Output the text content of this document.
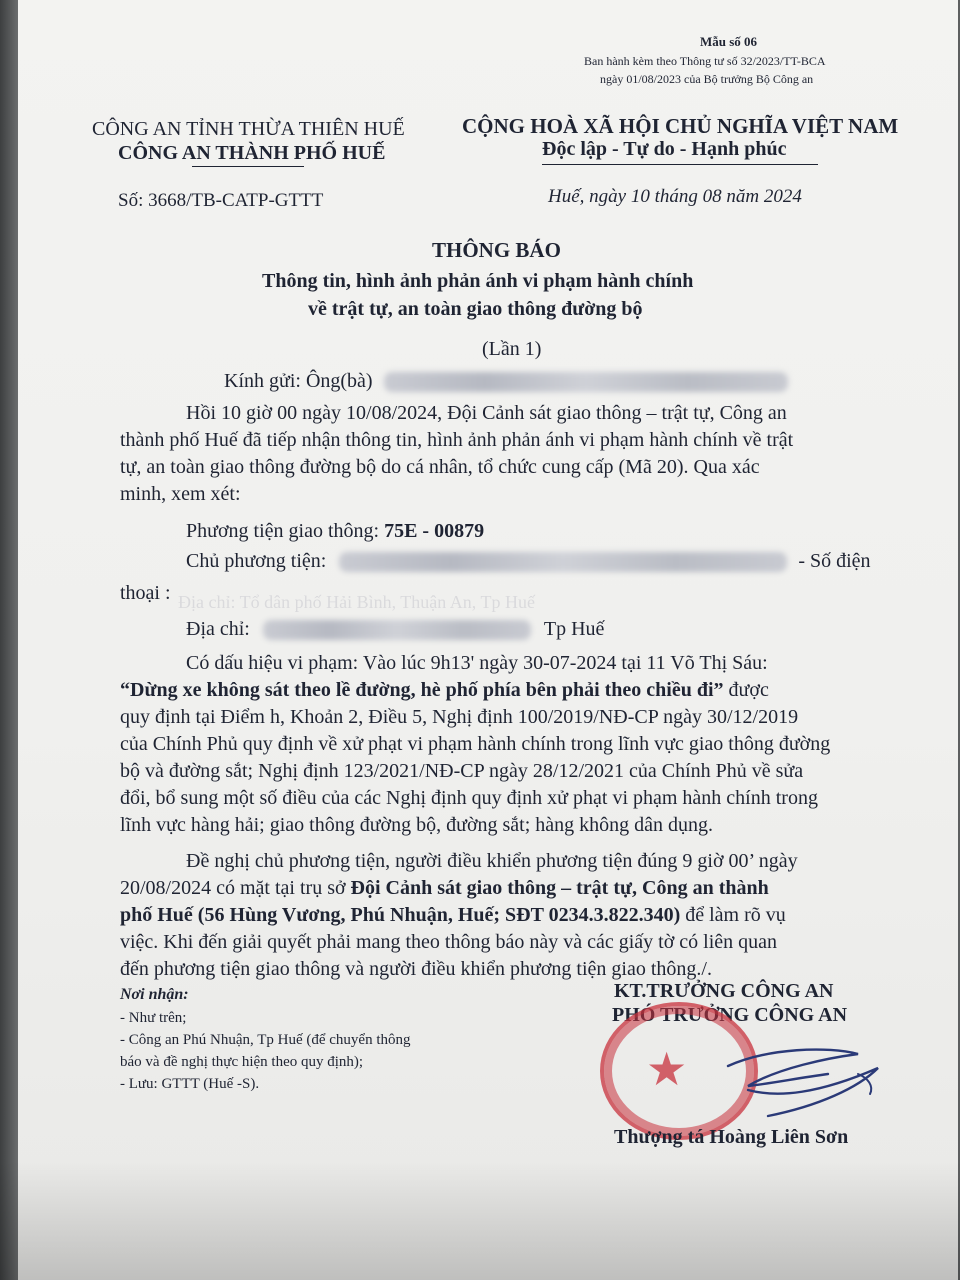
Địa chỉ: Tổ dân phố Hải Bình, Thuận An, Tp Huế
Mẫu số 06
Ban hành kèm theo Thông tư số 32/2023/TT-BCA
ngày 01/08/2023 của Bộ trưởng Bộ Công an
CÔNG AN TỈNH THỪA THIÊN HUẾ
CÔNG AN THÀNH PHỐ HUẾ
Số: 3668/TB-CATP-GTTT
CỘNG HOÀ XÃ HỘI CHỦ NGHĨA VIỆT NAM
Độc lập - Tự do - Hạnh phúc
Huế, ngày 10 tháng 08 năm 2024
THÔNG BÁO
Thông tin, hình ảnh phản ánh vi phạm hành chính
về trật tự, an toàn giao thông đường bộ
(Lần 1)
Kính gửi: Ông(bà)
Hồi 10 giờ 00 ngày 10/08/2024, Đội Cảnh sát giao thông – trật tự, Công an
thành phố Huế đã tiếp nhận thông tin, hình ảnh phản ánh vi phạm hành chính về trật
tự, an toàn giao thông đường bộ do cá nhân, tổ chức cung cấp (Mã 20). Qua xác
minh, xem xét:
Phương tiện giao thông: 75E - 00879
Chủ phương tiện:	- Số điện
thoại :
Địa chỉ:	Tp Huế
Có dấu hiệu vi phạm: Vào lúc 9h13' ngày 30-07-2024 tại 11 Võ Thị Sáu:
“Dừng xe không sát theo lề đường, hè phố phía bên phải theo chiều đi” được
quy định tại Điểm h, Khoản 2, Điều 5, Nghị định 100/2019/NĐ-CP ngày 30/12/2019
của Chính Phủ quy định về xử phạt vi phạm hành chính trong lĩnh vực giao thông đường
bộ và đường sắt; Nghị định 123/2021/NĐ-CP ngày 28/12/2021 của Chính Phủ về sửa
đổi, bổ sung một số điều của các Nghị định quy định xử phạt vi phạm hành chính trong
lĩnh vực hàng hải; giao thông đường bộ, đường sắt; hàng không dân dụng.
Đề nghị chủ phương tiện, người điều khiển phương tiện đúng 9 giờ 00’ ngày
20/08/2024 có mặt tại trụ sở Đội Cảnh sát giao thông – trật tự, Công an thành
phố Huế (56 Hùng Vương, Phú Nhuận, Huế; SĐT 0234.3.822.340) để làm rõ vụ
việc. Khi đến giải quyết phải mang theo thông báo này và các giấy tờ có liên quan
đến phương tiện giao thông và người điều khiển phương tiện giao thông./.
Nơi nhận:
- Như trên;
- Công an Phú Nhuận, Tp Huế (để chuyển thông
báo và đề nghị thực hiện theo quy định);
- Lưu: GTTT (Huế -S).
KT.TRƯỞNG CÔNG AN
PHÓ TRƯỞNG CÔNG AN
★
Thượng tá Hoàng Liên Sơn
